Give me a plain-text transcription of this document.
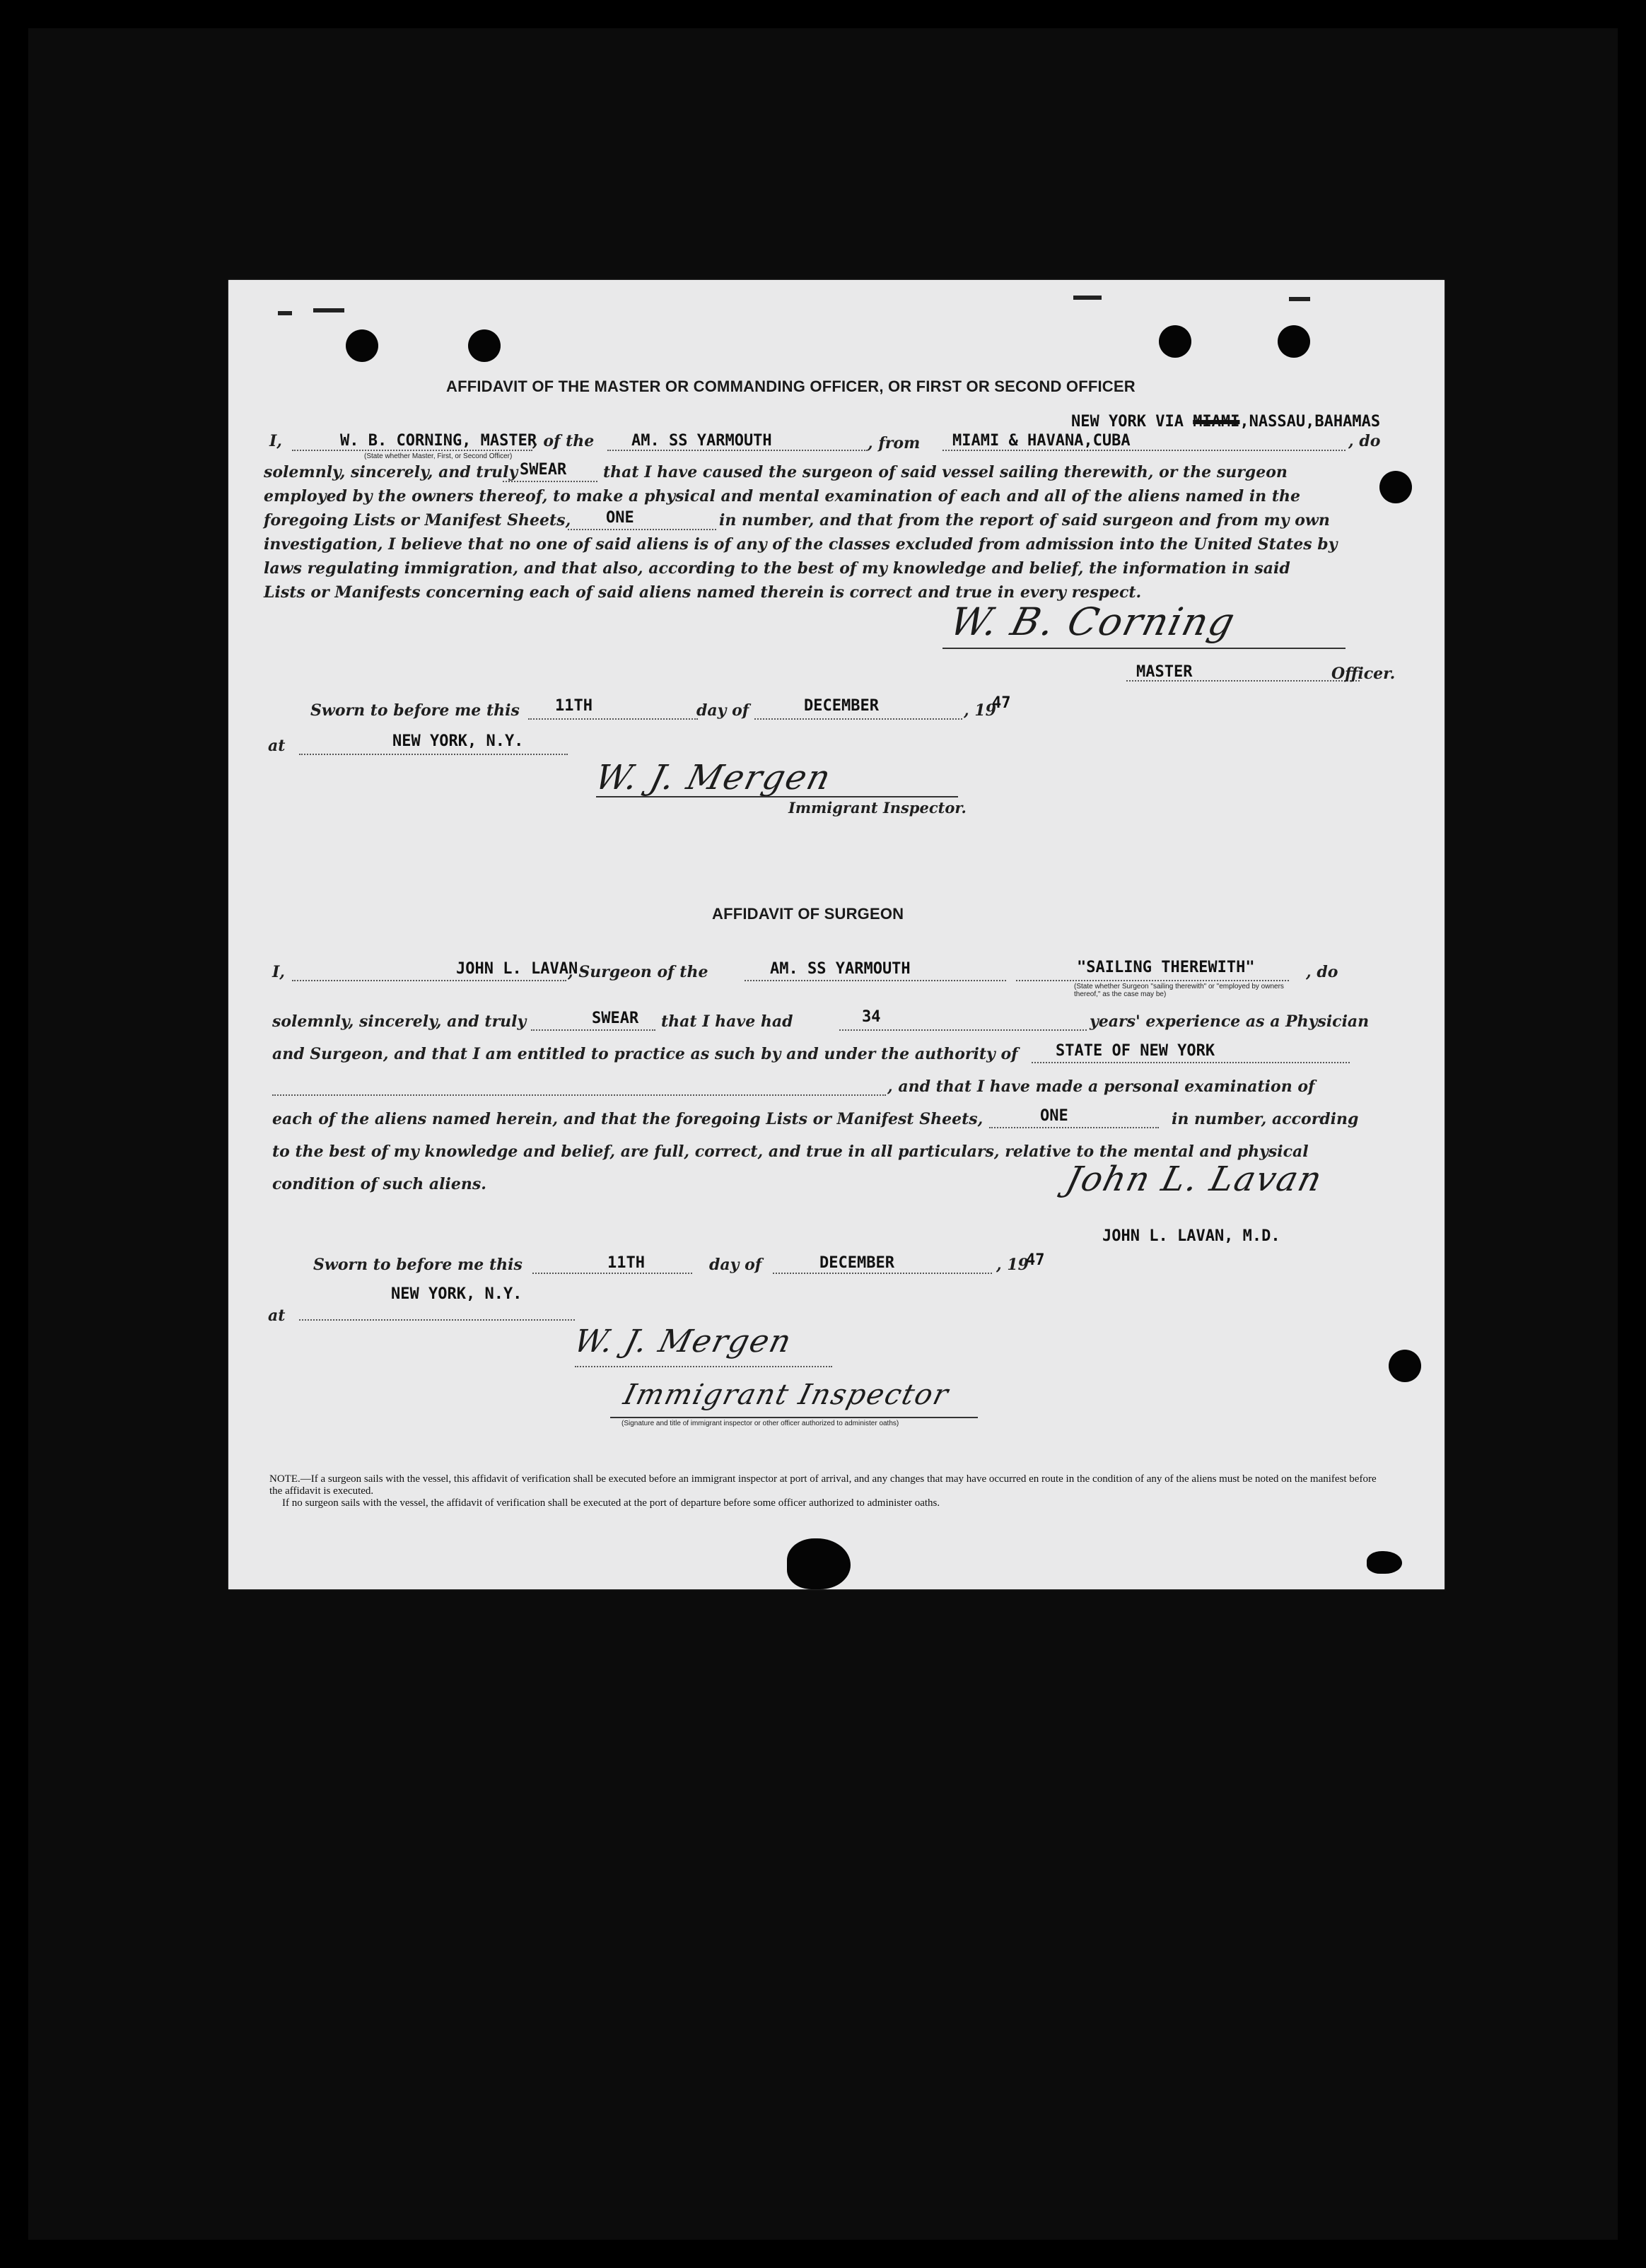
AFFIDAVIT OF THE MASTER OR COMMANDING OFFICER, OR FIRST OR SECOND OFFICER
NEW YORK VIA MIAMI,NASSAU,BAHAMAS
I,	W. B. CORNING, MASTER
(State whether Master, First, or Second Officer)
, of the AM. SS YARMOUTH	, from MIAMI & HAVANA,CUBA	, do
solemnly, sincerely, and truly SWEAR that I have caused the surgeon of said vessel sailing therewith, or the surgeon
employed by the owners thereof, to make a physical and mental examination of each and all of the aliens named in the
foregoing Lists or Manifest Sheets, ONE	in number, and that from the report of said surgeon and from my own
investigation, I believe that no one of said aliens is of any of the classes excluded from admission into the United States by
laws regulating immigration, and that also, according to the best of my knowledge and belief, the information in said
Lists or Manifests concerning each of said aliens named therein is correct and true in every respect.
W. B. Corning
MASTER	Officer.
Sworn to before me this 11TH	day of	DECEMBER	, 19
47
at	NEW YORK, N.Y.
W. J. Mergen
Immigrant Inspector.
AFFIDAVIT OF SURGEON
I,	JOHN L. LAVAN
, Surgeon of the	AM. SS YARMOUTH	"SAILING THEREWITH"	, do
(State whether Surgeon "sailing therewith" or "employed by owners thereof," as the case may be)
solemnly, sincerely, and truly	SWEAR that I have had	34	years' experience as a Physician
and Surgeon, and that I am entitled to practice as such by and under the authority of STATE OF NEW YORK
, and that I have made a personal examination of
each of the aliens named herein, and that the foregoing Lists or Manifest Sheets,	ONE	in number, according
to the best of my knowledge and belief, are full, correct, and true in all particulars, relative to the mental and physical
condition of such aliens.	John L. Lavan
JOHN L. LAVAN, M.D.
Sworn to before me this	11TH	day of	DECEMBER	, 19
47
NEW YORK, N.Y.
at
W. J. Mergen
Immigrant Inspector
(Signature and title of immigrant inspector or other officer authorized to administer oaths)
NOTE.—If a surgeon sails with the vessel, this affidavit of verification shall be executed before an immigrant inspector at port of arrival, and any changes that may have occurred en route in the condition of any of the aliens must be noted on the manifest before the affidavit is executed.
If no surgeon sails with the vessel, the affidavit of verification shall be executed at the port of departure before some officer authorized to administer oaths.
